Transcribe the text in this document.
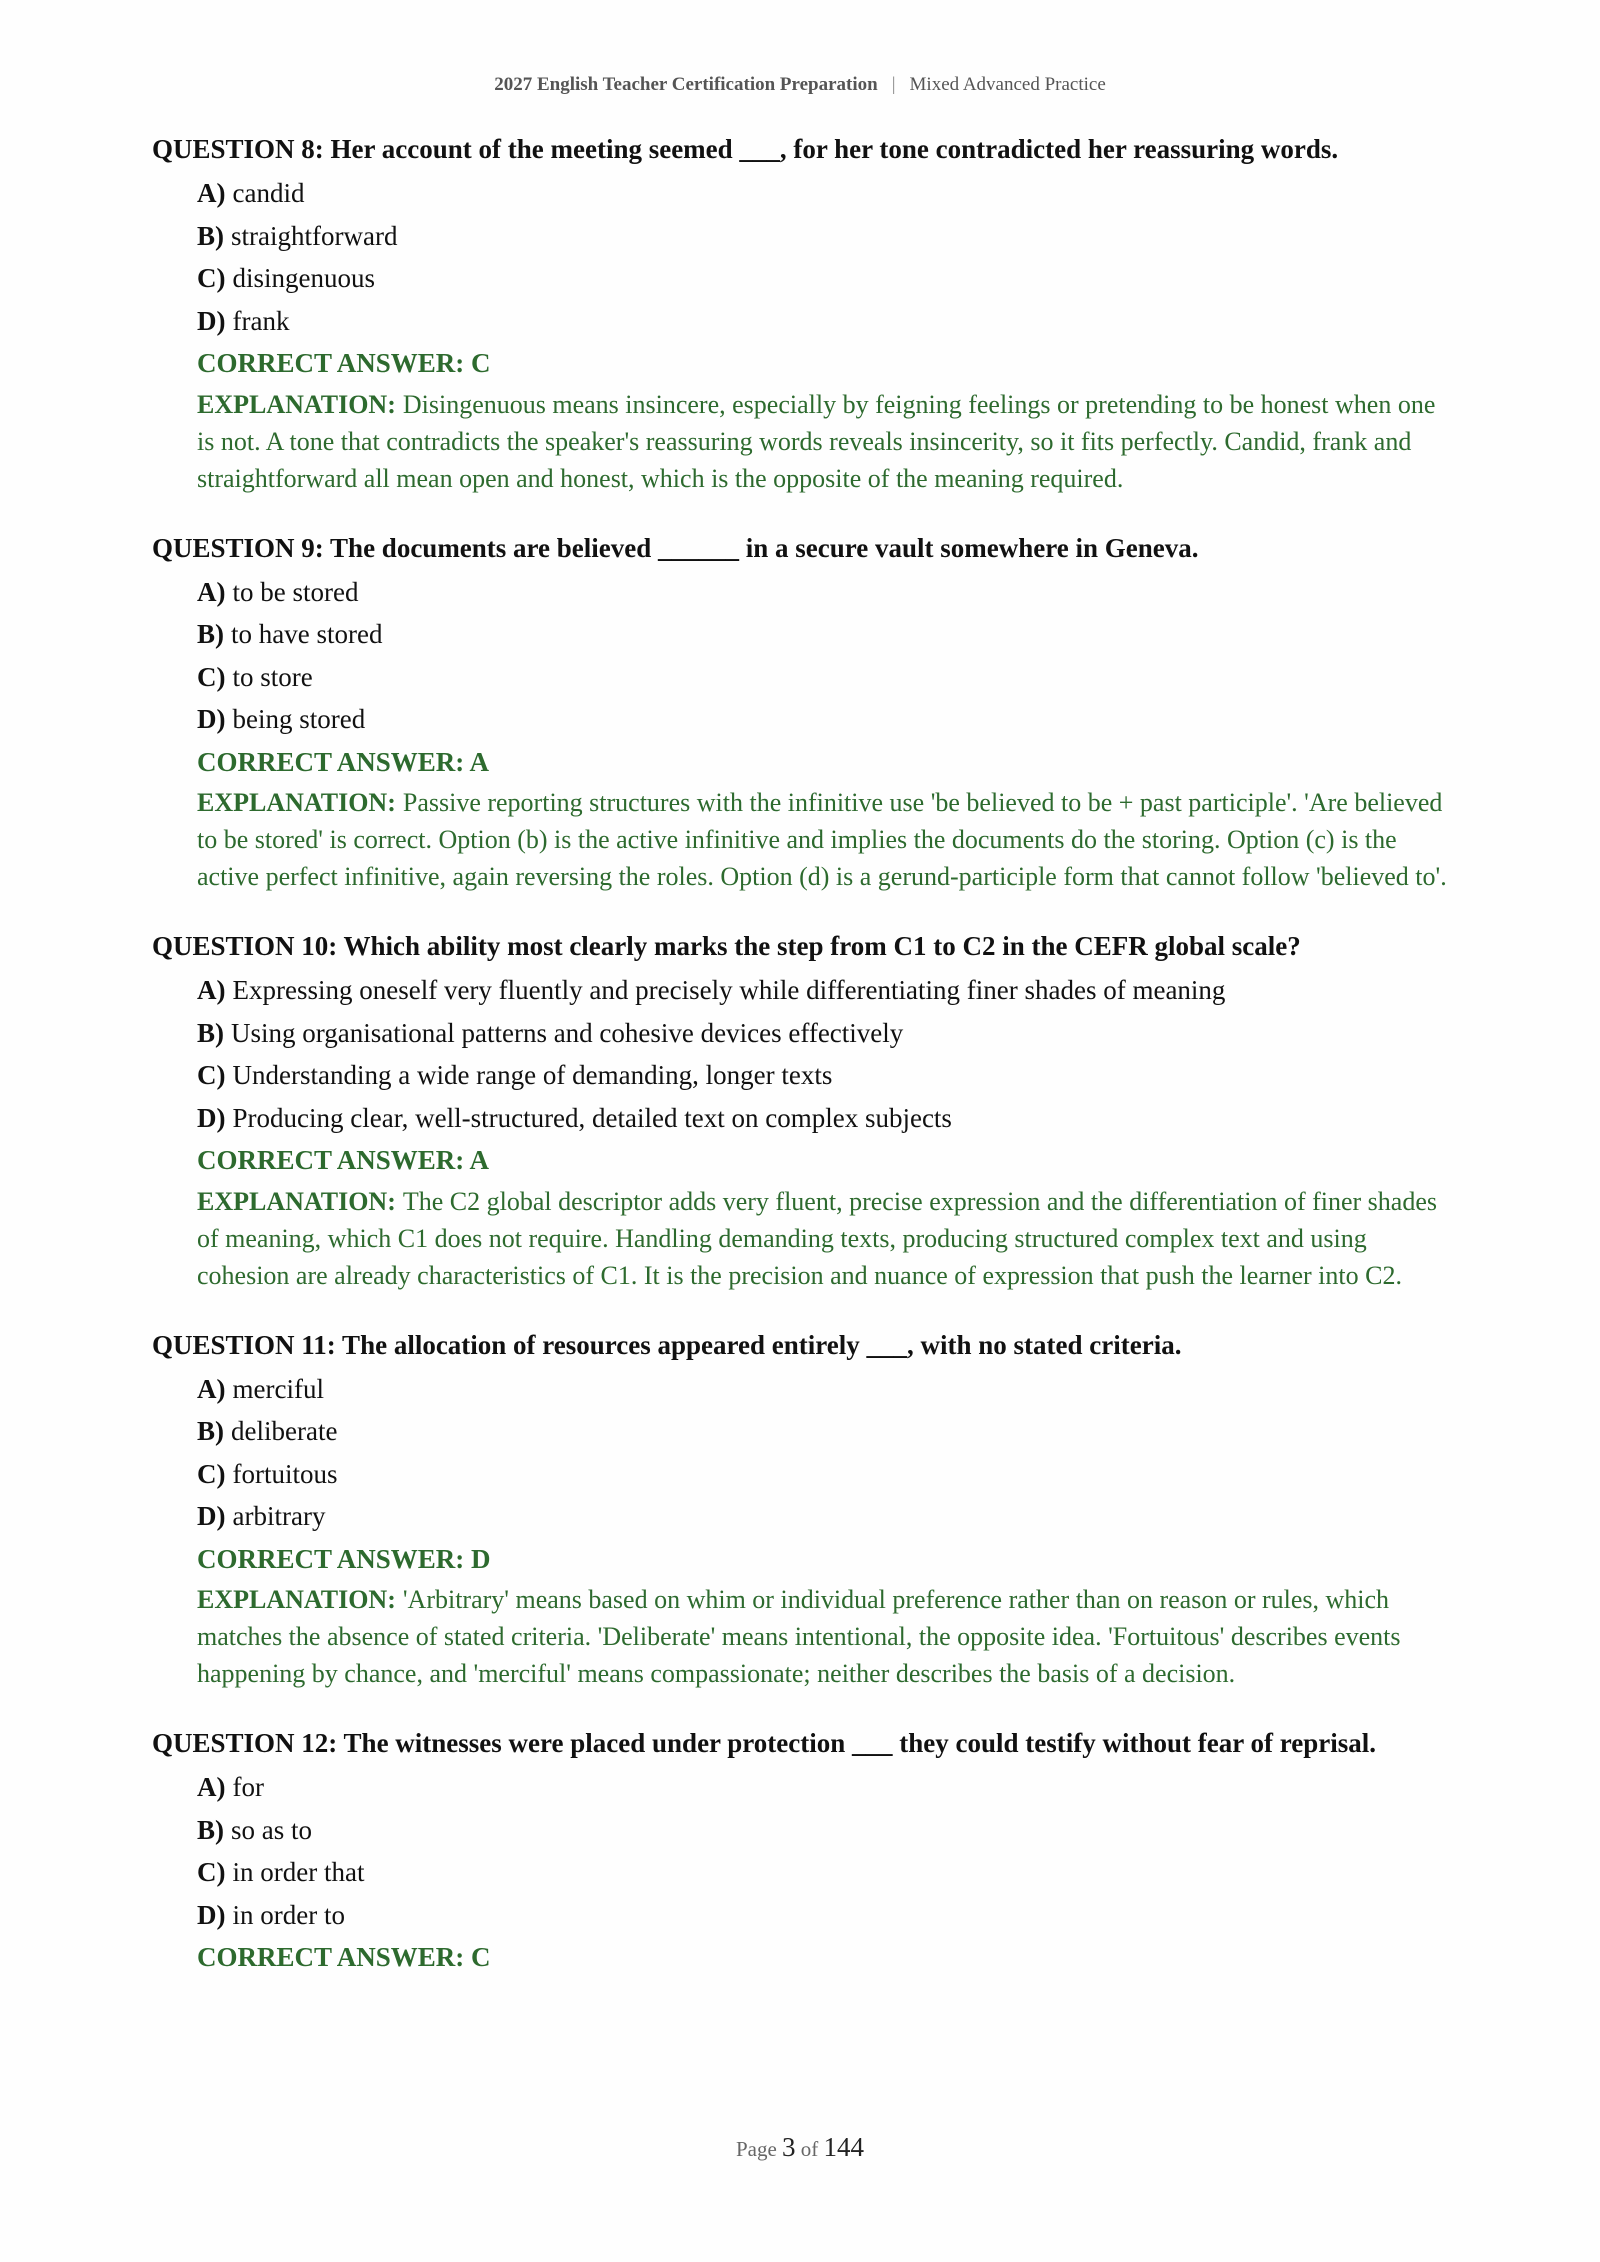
2027 English Teacher Certification Preparation | Mixed Advanced Practice
QUESTION 8: Her account of the meeting seemed ___, for her tone contradicted her reassuring words.
A) candid
B) straightforward
C) disingenuous
D) frank
CORRECT ANSWER: C
EXPLANATION: Disingenuous means insincere, especially by feigning feelings or pretending to be honest when one is not. A tone that contradicts the speaker's reassuring words reveals insincerity, so it fits perfectly. Candid, frank and straightforward all mean open and honest, which is the opposite of the meaning required.
QUESTION 9: The documents are believed ______ in a secure vault somewhere in Geneva.
A) to be stored
B) to have stored
C) to store
D) being stored
CORRECT ANSWER: A
EXPLANATION: Passive reporting structures with the infinitive use 'be believed to be + past participle'. 'Are believed to be stored' is correct. Option (b) is the active infinitive and implies the documents do the storing. Option (c) is the active perfect infinitive, again reversing the roles. Option (d) is a gerund-participle form that cannot follow 'believed to'.
QUESTION 10: Which ability most clearly marks the step from C1 to C2 in the CEFR global scale?
A) Expressing oneself very fluently and precisely while differentiating finer shades of meaning
B) Using organisational patterns and cohesive devices effectively
C) Understanding a wide range of demanding, longer texts
D) Producing clear, well-structured, detailed text on complex subjects
CORRECT ANSWER: A
EXPLANATION: The C2 global descriptor adds very fluent, precise expression and the differentiation of finer shades of meaning, which C1 does not require. Handling demanding texts, producing structured complex text and using cohesion are already characteristics of C1. It is the precision and nuance of expression that push the learner into C2.
QUESTION 11: The allocation of resources appeared entirely ___, with no stated criteria.
A) merciful
B) deliberate
C) fortuitous
D) arbitrary
CORRECT ANSWER: D
EXPLANATION: 'Arbitrary' means based on whim or individual preference rather than on reason or rules, which matches the absence of stated criteria. 'Deliberate' means intentional, the opposite idea. 'Fortuitous' describes events happening by chance, and 'merciful' means compassionate; neither describes the basis of a decision.
QUESTION 12: The witnesses were placed under protection ___ they could testify without fear of reprisal.
A) for
B) so as to
C) in order that
D) in order to
CORRECT ANSWER: C
Page 3 of 144
